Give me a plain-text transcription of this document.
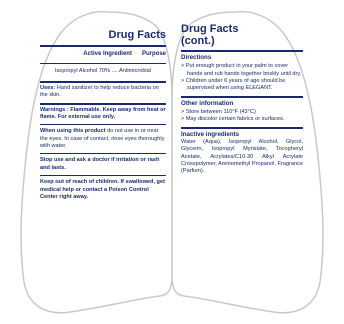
Drug Facts
Active Ingredient Purpose
Isopropyl Alcohol 70% .... Antimicrobial
Uses: Hand sanitizer to help reduce bacteria on the skin.
Warnings : Flammable. Keep away from heat or flame. For external use only.
When using this product do not use in or near the eyes. In case of contact, rinse eyes thoroughly with water.
Stop use and ask a doctor if irritation or rash and lasts.
Keep out of reach of children. If swallowed, get medical help or contact a Poison Control Center right away.
Drug Facts
(cont.)
Directions
> Put enough product in your palm to cover hands and rub hands together briskly until dry.
> Children under 6 years of age should be supervised when using ELEGANT.
Other information
> Store between 110°F (43°C)
> May discolor certain fabrics or surfaces.
Inactive ingredients
Water (Aqua), Isopropyl Alcohol, Glycol, Glycerin, Isopropyl Myristate, Tocopheryl Acetate, Acrylates/C10-30 Alkyl Acrylate Crosspolymer, Aminomethyl Propanol, Fragrance (Parfum).
